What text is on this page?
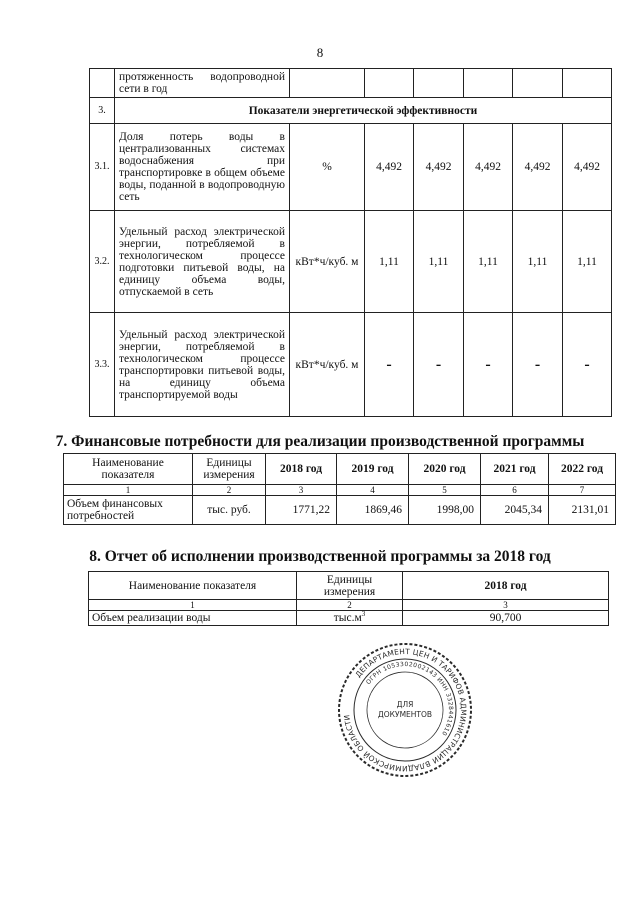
8
	протяженность водопроводной сети в год						
3.	Показатели энергетической эффективности						
3.1.	Доля потерь воды в централизованных системах водоснабжения при транспортировке в общем объеме воды, поданной в водопроводную сеть	%	4,492	4,492	4,492	4,492	4,492
3.2.	Удельный расход электрической энергии, потребляемой в технологическом процессе подготовки питьевой воды, на единицу объема воды, отпускаемой в сеть	кВт*ч/куб. м	1,11	1,11	1,11	1,11	1,11
3.3.	Удельный расход электрической энергии, потребляемой в технологическом процессе транспортировки питьевой воды, на единицу объема транспортируемой воды	кВт*ч/куб. м	-	-	-	-	-
7. Финансовые потребности для реализации производственной программы
Наименование показателя	Единицы измерения	2018 год	2019 год	2020 год	2021 год	2022 год
1	2	3	4	5	6	7
Объем финансовых потребностей	тыс. руб.	1771,22	1869,46	1998,00	2045,34	2131,01
8. Отчет об исполнении производственной программы за 2018 год
Наименование показателя	Единицы измерения	2018 год
1	2	3
Объем реализации воды	$тыс.м^3$	90,700
ДЕПАРТАМЕНТ ЦЕН И ТАРИФОВ АДМИНИСТРАЦИИ ВЛАДИМИРСКОЙ ОБЛАСТИ
ОГРН 1053302002143 ИНН 3328441610
ДЛЯ
ДОКУМЕНТОВ
